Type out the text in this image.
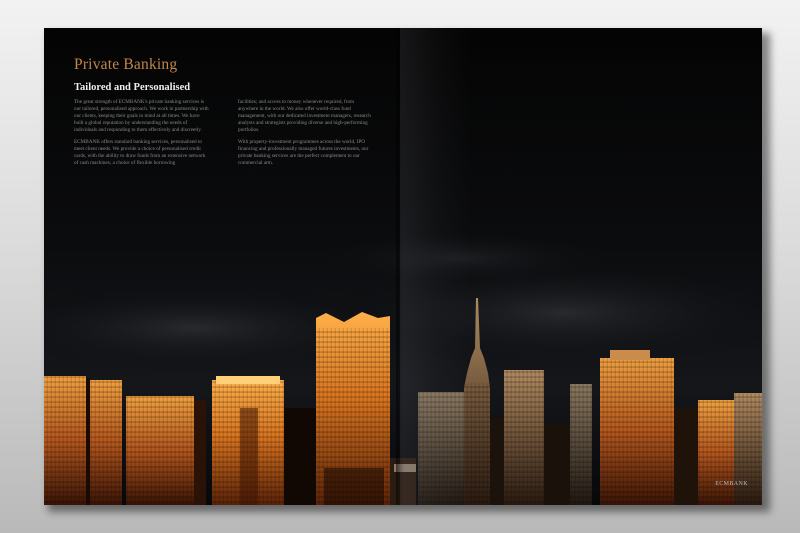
Private Banking
Tailored and Personalised

The great strength of ECMBANK's private banking services is our tailored, personalised approach. We work in partnership with our clients, keeping their goals in mind at all times. We have built a global reputation by understanding the needs of individuals and responding to them effectively and discreetly.

ECMBANK offers standard banking services, personalised to meet client needs. We provide a choice of personalised credit cards, with the ability to draw funds from an extensive network of cash machines; a choice of flexible borrowing

facilities; and access to money whenever required, from anywhere in the world. We also offer world-class fund management, with our dedicated investment managers, research analysts and strategists providing diverse and high-performing portfolios.

With property-investment programmes across the world, IPO financing and professionally managed futures investments, our private banking services are the perfect complement to our commercial arm.

ECMBANK
